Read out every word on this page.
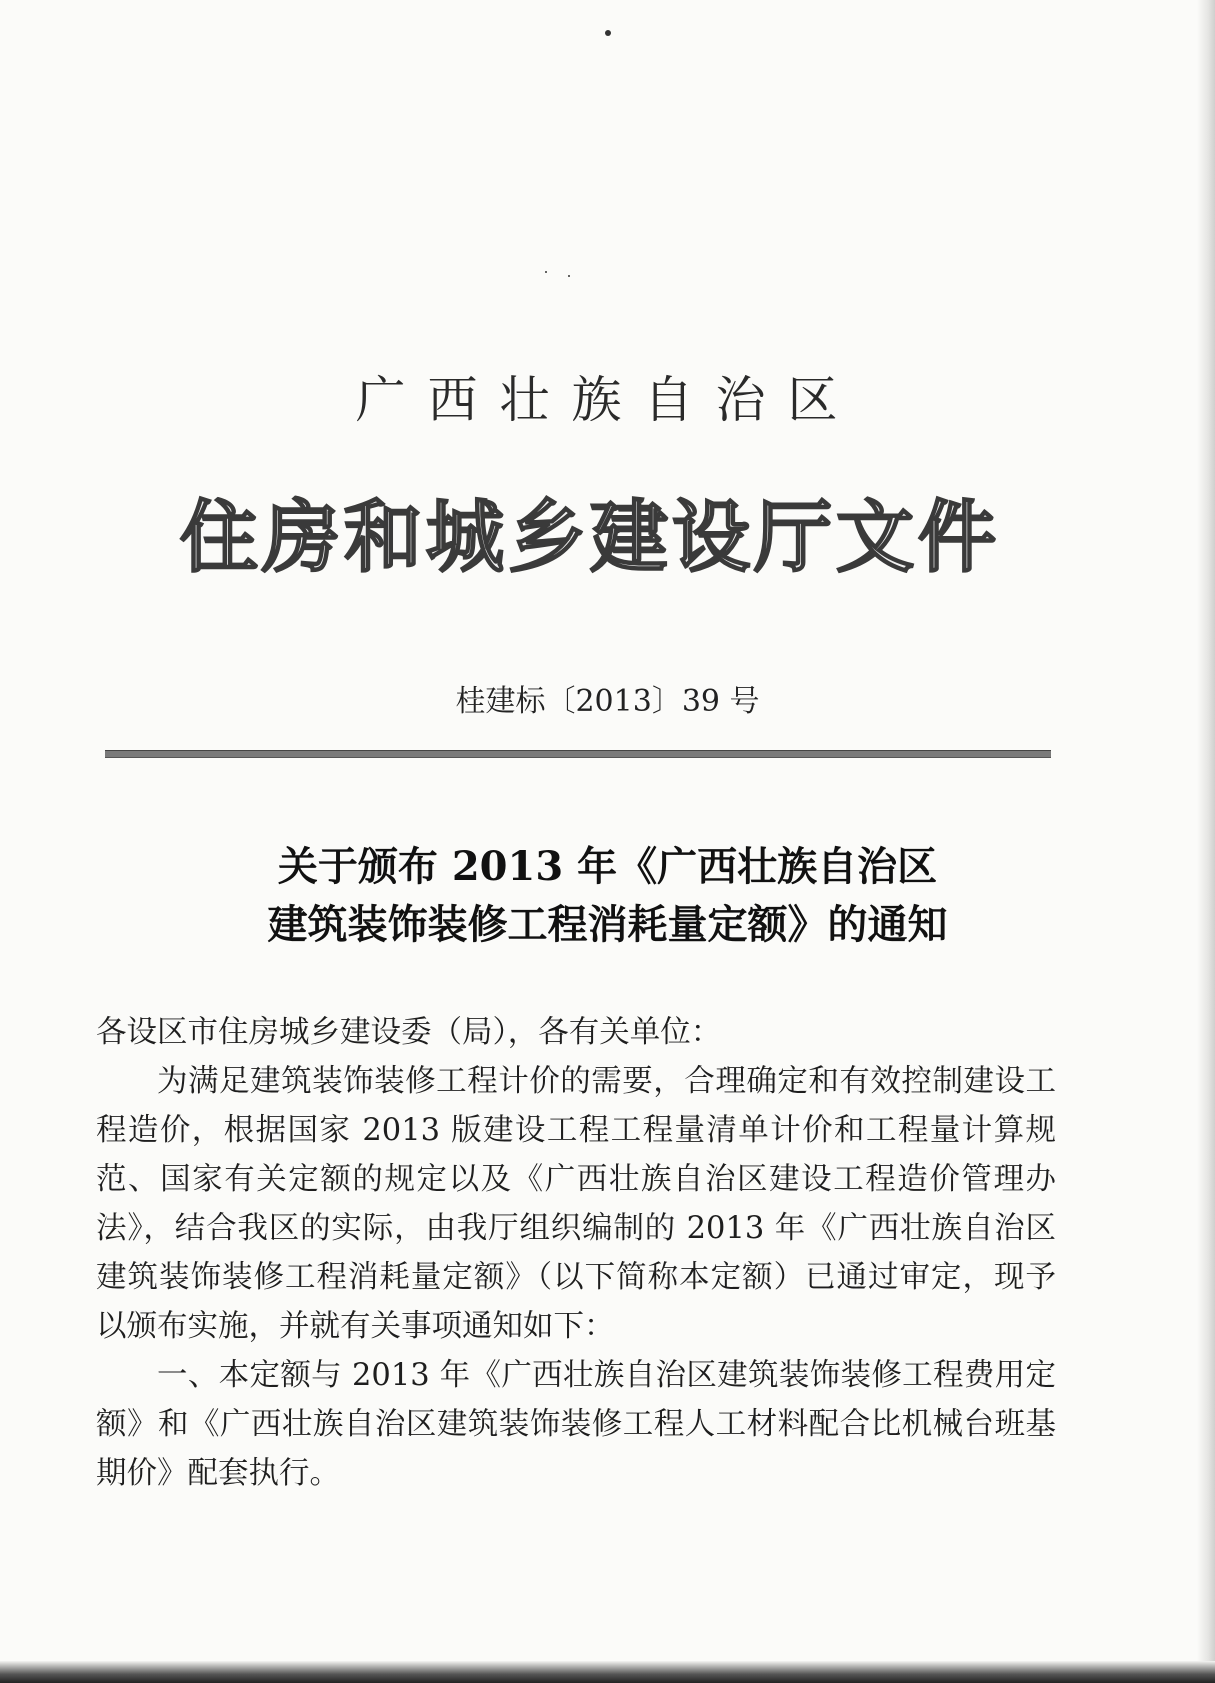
广西壮族自治区
住房和城乡建设厅文件
桂建标〔2013〕39 号
关于颁布 2013 年《广西壮族自治区
建筑装饰装修工程消耗量定额》的通知

各设区市住房城乡建设委（局），各有关单位：

为满足建筑装饰装修工程计价的需要，合理确定和有效控制建设工程造价，根据国家 2013 版建设工程工程量清单计价和工程量计算规范、国家有关定额的规定以及《广西壮族自治区建设工程造价管理办法》，结合我区的实际，由我厅组织编制的 2013 年《广西壮族自治区建筑装饰装修工程消耗量定额》（以下简称本定额）已通过审定，现予以颁布实施，并就有关事项通知如下：

一、本定额与 2013 年《广西壮族自治区建筑装饰装修工程费用定额》和《广西壮族自治区建筑装饰装修工程人工材料配合比机械台班基期价》配套执行。
